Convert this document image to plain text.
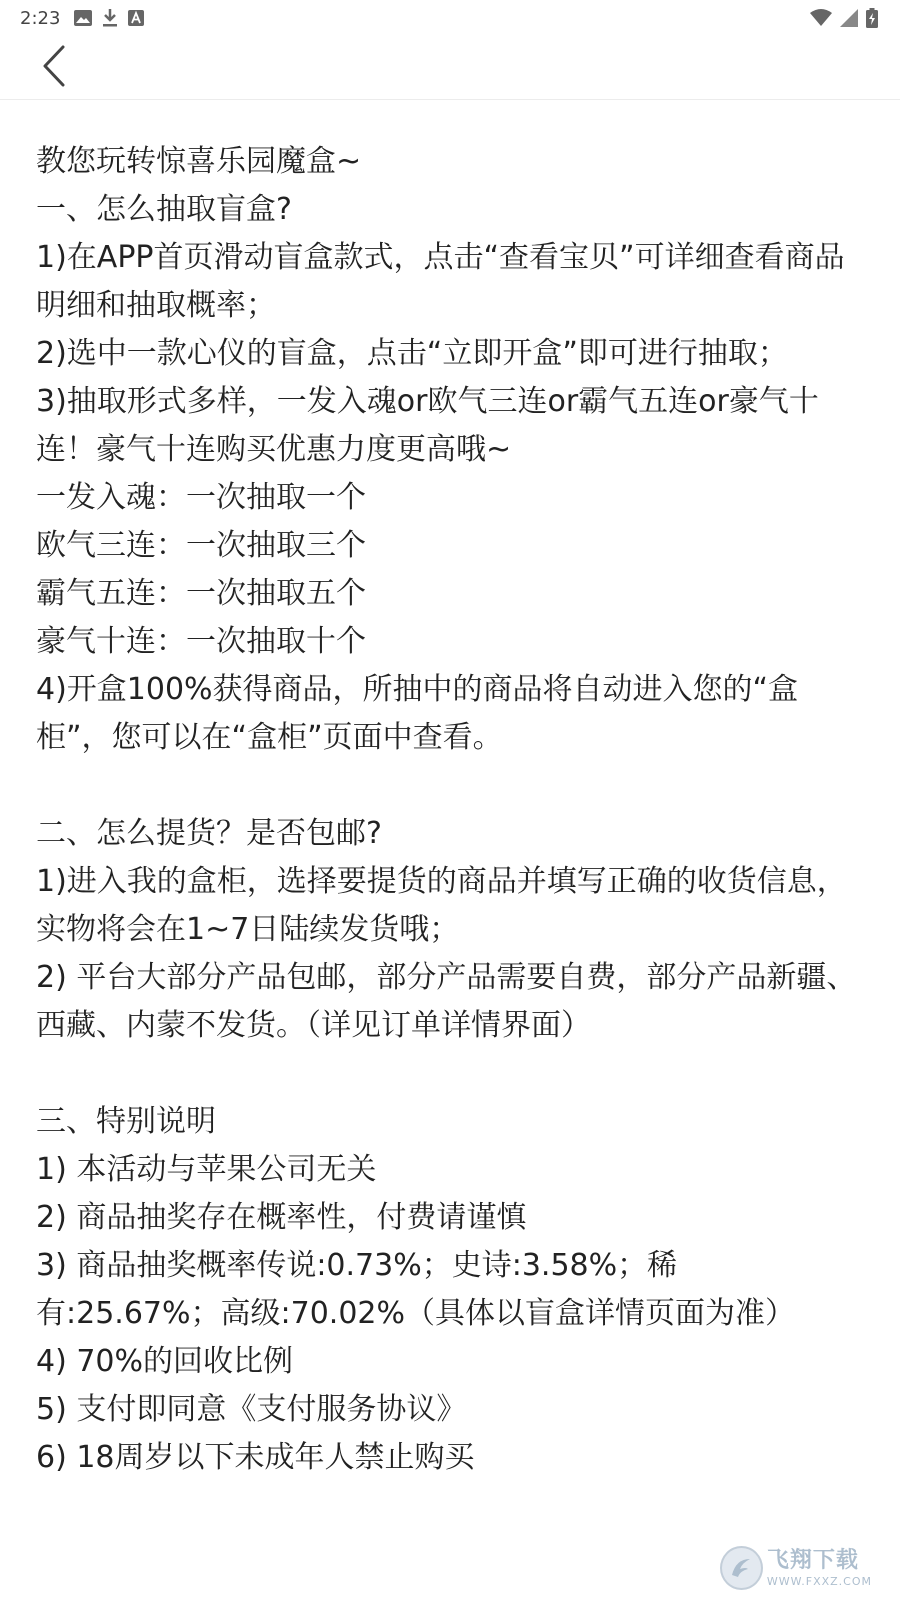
2:23

教您玩转惊喜乐园魔盒~

一、怎么抽取盲盒?

1)在APP首页滑动盲盒款式，点击“查看宝贝”可详细查看商品明细和抽取概率；

2)选中一款心仪的盲盒，点击“立即开盒”即可进行抽取；

3)抽取形式多样，一发入魂or欧气三连or霸气五连or豪气十连！豪气十连购买优惠力度更高哦~

一发入魂：一次抽取一个

欧气三连：一次抽取三个

霸气五连：一次抽取五个

豪气十连：一次抽取十个

4)开盒100%获得商品，所抽中的商品将自动进入您的“盒柜”，您可以在“盒柜”页面中查看。

二、怎么提货？是否包邮?

1)进入我的盒柜，选择要提货的商品并填写正确的收货信息，实物将会在1~7日陆续发货哦；

2) 平台大部分产品包邮，部分产品需要自费，部分产品新疆、西藏、内蒙不发货。（详见订单详情界面）

三、特别说明

1) 本活动与苹果公司无关

2) 商品抽奖存在概率性，付费请谨慎

3) 商品抽奖概率传说:0.73%；史诗:3.58%；稀

有:25.67%；高级:70.02%（具体以盲盒详情页面为准）

4) 70%的回收比例

5) 支付即同意《支付服务协议》

6) 18周岁以下未成年人禁止购买

飞翔下载
WWW.FXXZ.COM
